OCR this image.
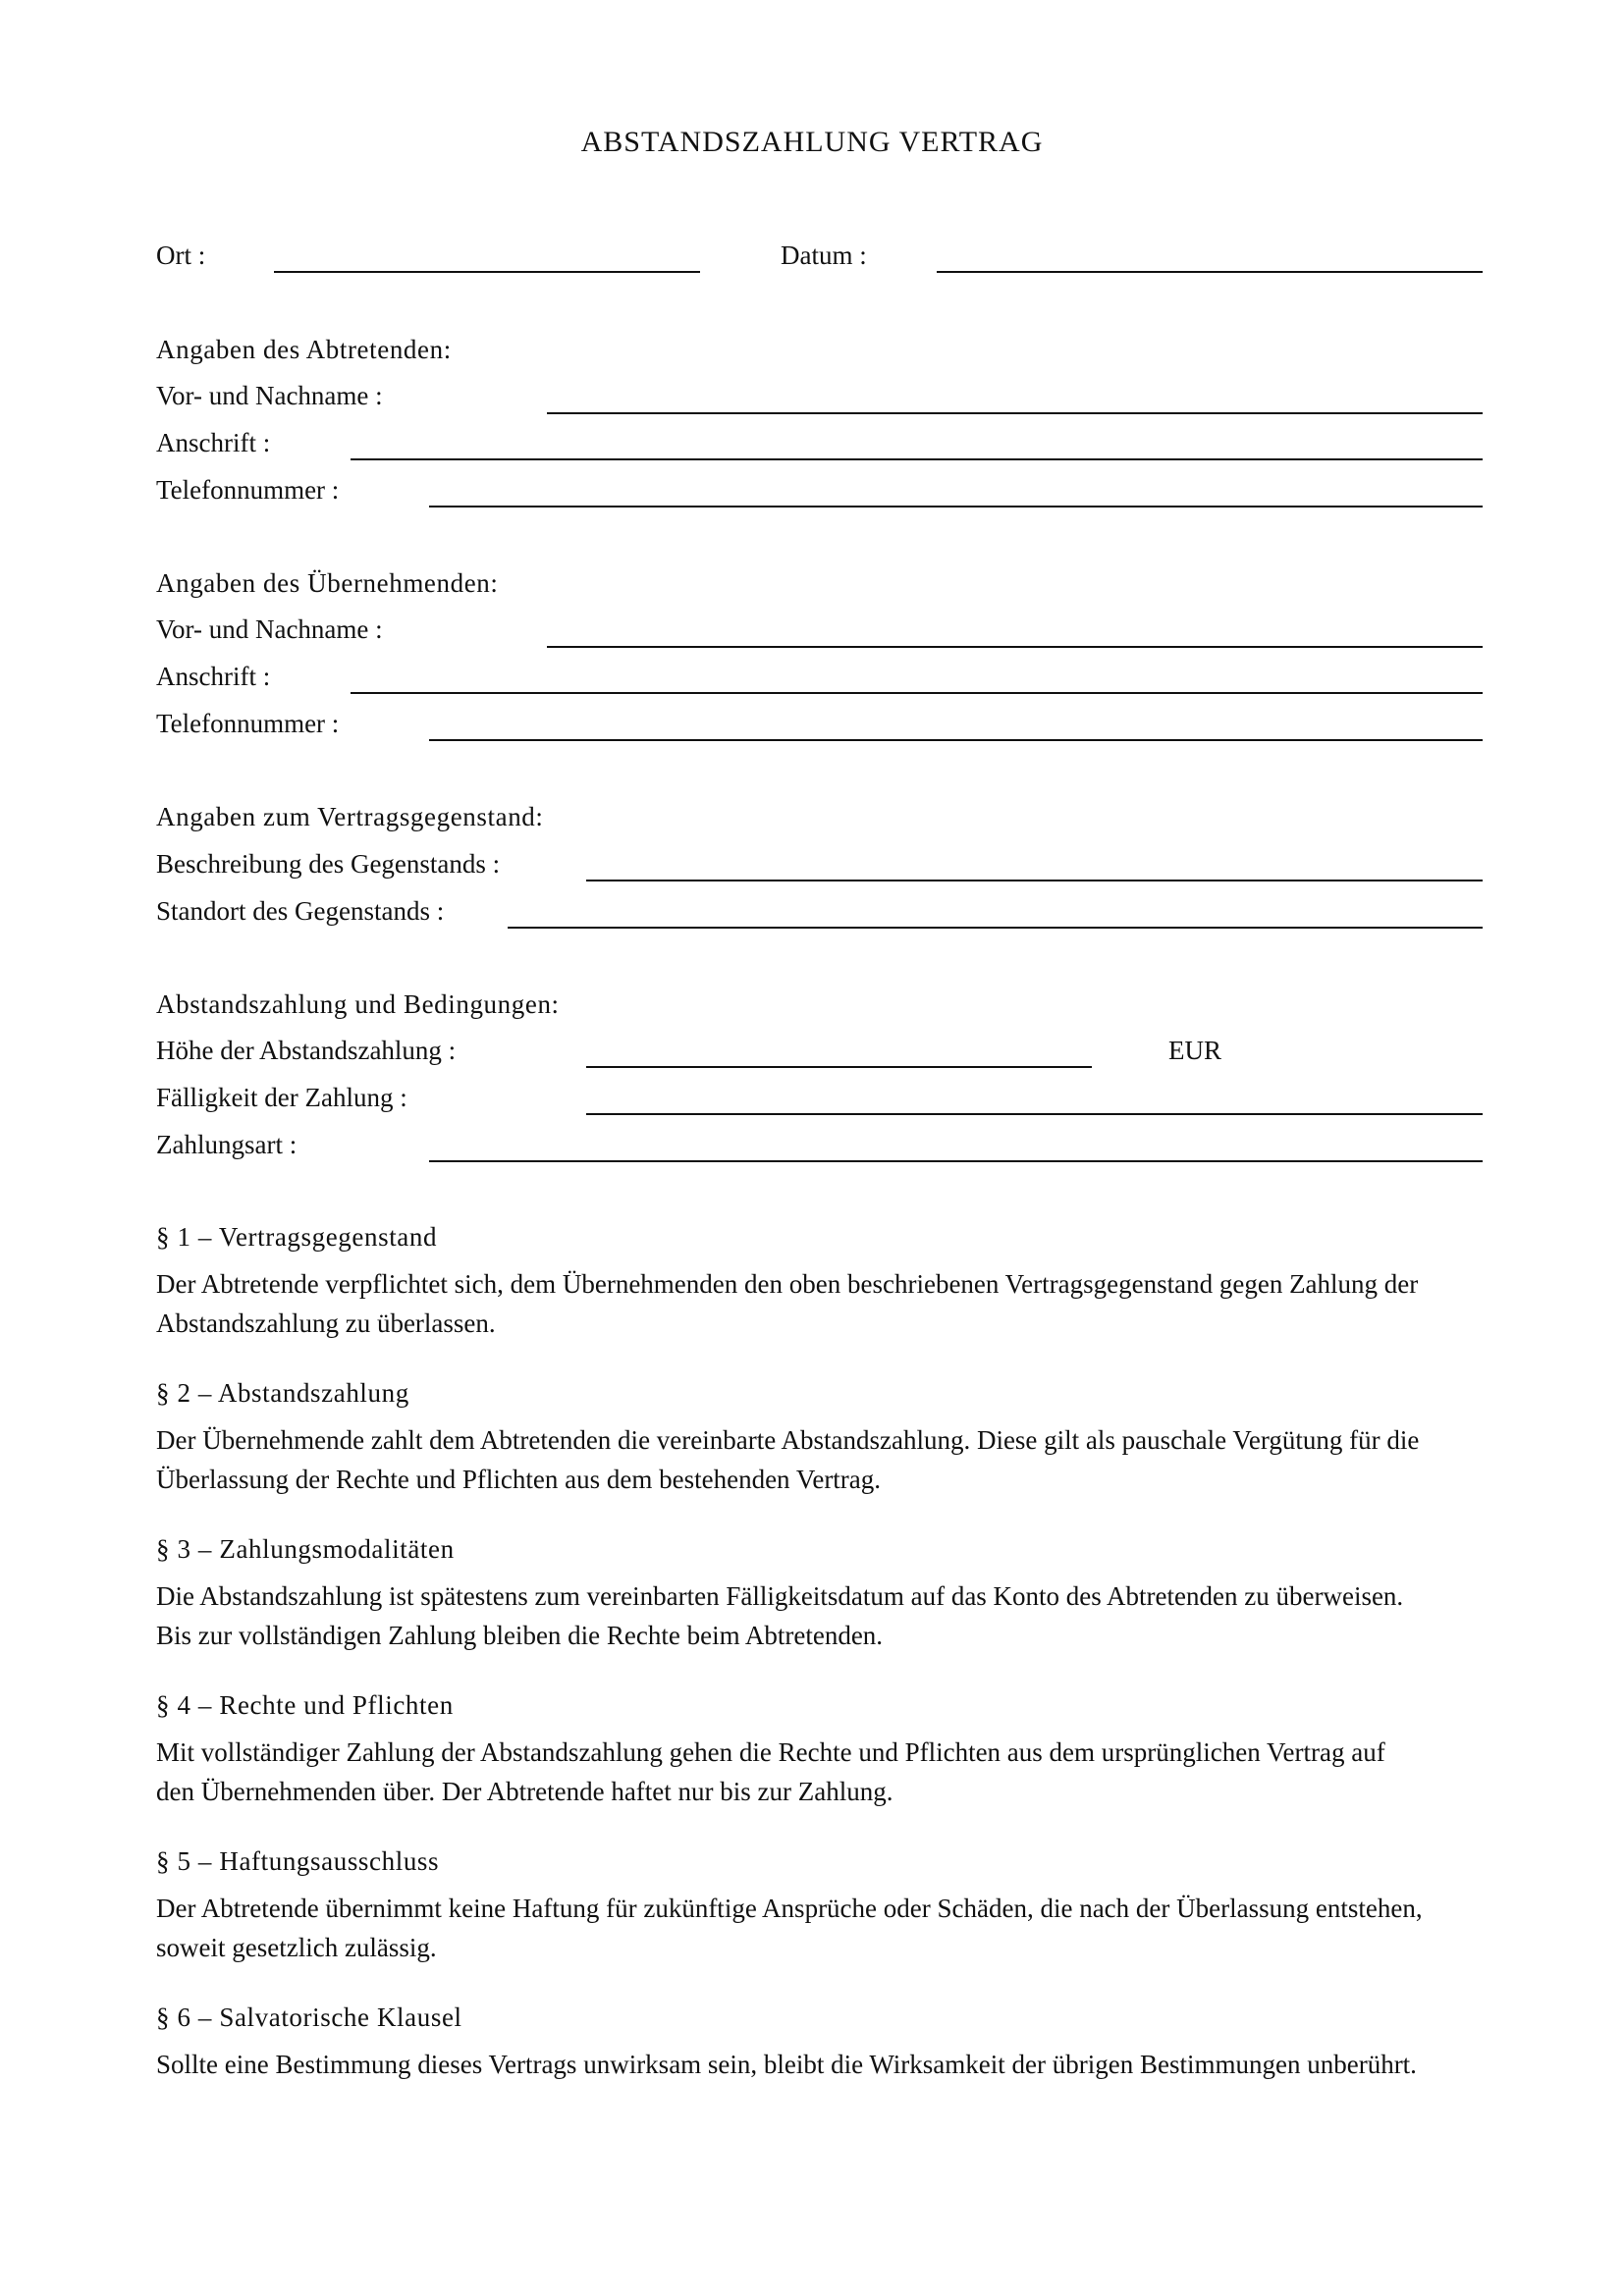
ABSTANDSZAHLUNG VERTRAG
Ort :	Datum :
Angaben des Abtretenden:
Vor- und Nachname :
Anschrift :
Telefonnummer :
Angaben des Übernehmenden:
Vor- und Nachname :
Anschrift :
Telefonnummer :
Angaben zum Vertragsgegenstand:
Beschreibung des Gegenstands :
Standort des Gegenstands :
Abstandszahlung und Bedingungen:
Höhe der Abstandszahlung :	EUR
Fälligkeit der Zahlung :
Zahlungsart :
§ 1 – Vertragsgegenstand
Der Abtretende verpflichtet sich, dem Übernehmenden den oben beschriebenen Vertragsgegenstand gegen Zahlung der
Abstandszahlung zu überlassen.
§ 2 – Abstandszahlung
Der Übernehmende zahlt dem Abtretenden die vereinbarte Abstandszahlung. Diese gilt als pauschale Vergütung für die
Überlassung der Rechte und Pflichten aus dem bestehenden Vertrag.
§ 3 – Zahlungsmodalitäten
Die Abstandszahlung ist spätestens zum vereinbarten Fälligkeitsdatum auf das Konto des Abtretenden zu überweisen.
Bis zur vollständigen Zahlung bleiben die Rechte beim Abtretenden.
§ 4 – Rechte und Pflichten
Mit vollständiger Zahlung der Abstandszahlung gehen die Rechte und Pflichten aus dem ursprünglichen Vertrag auf
den Übernehmenden über. Der Abtretende haftet nur bis zur Zahlung.
§ 5 – Haftungsausschluss
Der Abtretende übernimmt keine Haftung für zukünftige Ansprüche oder Schäden, die nach der Überlassung entstehen,
soweit gesetzlich zulässig.
§ 6 – Salvatorische Klausel
Sollte eine Bestimmung dieses Vertrags unwirksam sein, bleibt die Wirksamkeit der übrigen Bestimmungen unberührt.
